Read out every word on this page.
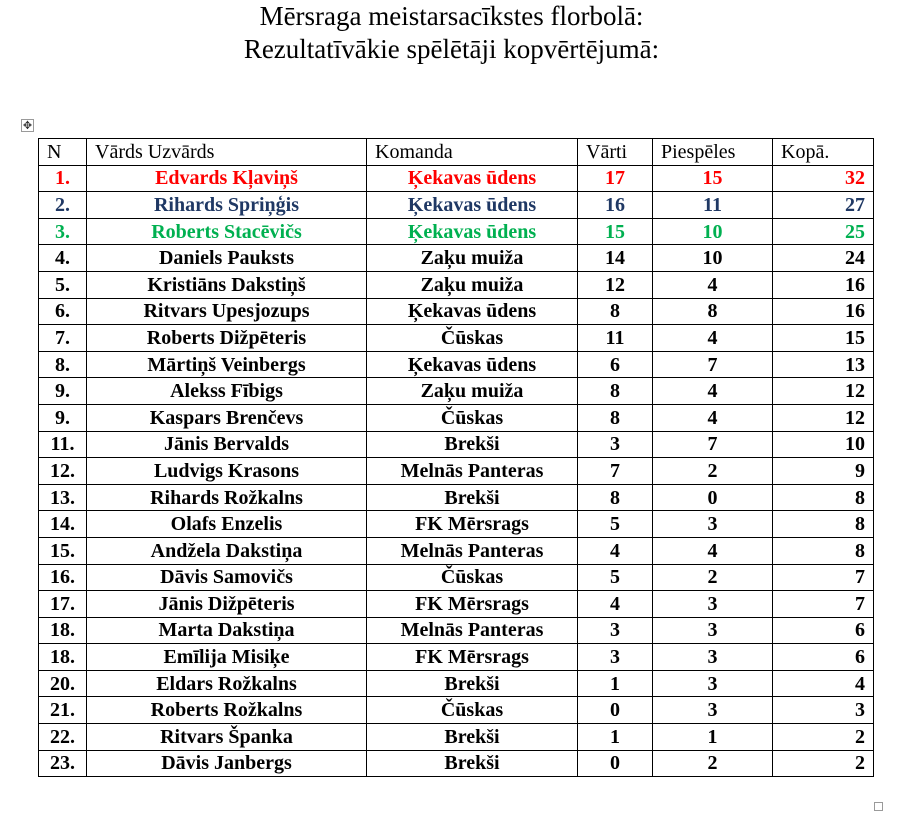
Mērsraga meistarsacīkstes florbolā:
Rezultatīvākie spēlētāji kopvērtējumā:
✥
N	Vārds Uzvārds	Komanda	Vārti	Piespēles	Kopā.
1.	Edvards Kļaviņš	Ķekavas ūdens	17	15	32
2.	Rihards Spriņģis	Ķekavas ūdens	16	11	27
3.	Roberts Stacēvičs	Ķekavas ūdens	15	10	25
4.	Daniels Pauksts	Zaķu muiža	14	10	24
5.	Kristiāns Dakstiņš	Zaķu muiža	12	4	16
6.	Ritvars Upesjozups	Ķekavas ūdens	8	8	16
7.	Roberts Dižpēteris	Čūskas	11	4	15
8.	Mārtiņš Veinbergs	Ķekavas ūdens	6	7	13
9.	Alekss Fībigs	Zaķu muiža	8	4	12
9.	Kaspars Brenčevs	Čūskas	8	4	12
11.	Jānis Bervalds	Brekši	3	7	10
12.	Ludvigs Krasons	Melnās Panteras	7	2	9
13.	Rihards Rožkalns	Brekši	8	0	8
14.	Olafs Enzelis	FK Mērsrags	5	3	8
15.	Andžela Dakstiņa	Melnās Panteras	4	4	8
16.	Dāvis Samovičs	Čūskas	5	2	7
17.	Jānis Dižpēteris	FK Mērsrags	4	3	7
18.	Marta Dakstiņa	Melnās Panteras	3	3	6
18.	Emīlija Misiķe	FK Mērsrags	3	3	6
20.	Eldars Rožkalns	Brekši	1	3	4
21.	Roberts Rožkalns	Čūskas	0	3	3
22.	Ritvars Španka	Brekši	1	1	2
23.	Dāvis Janbergs	Brekši	0	2	2
